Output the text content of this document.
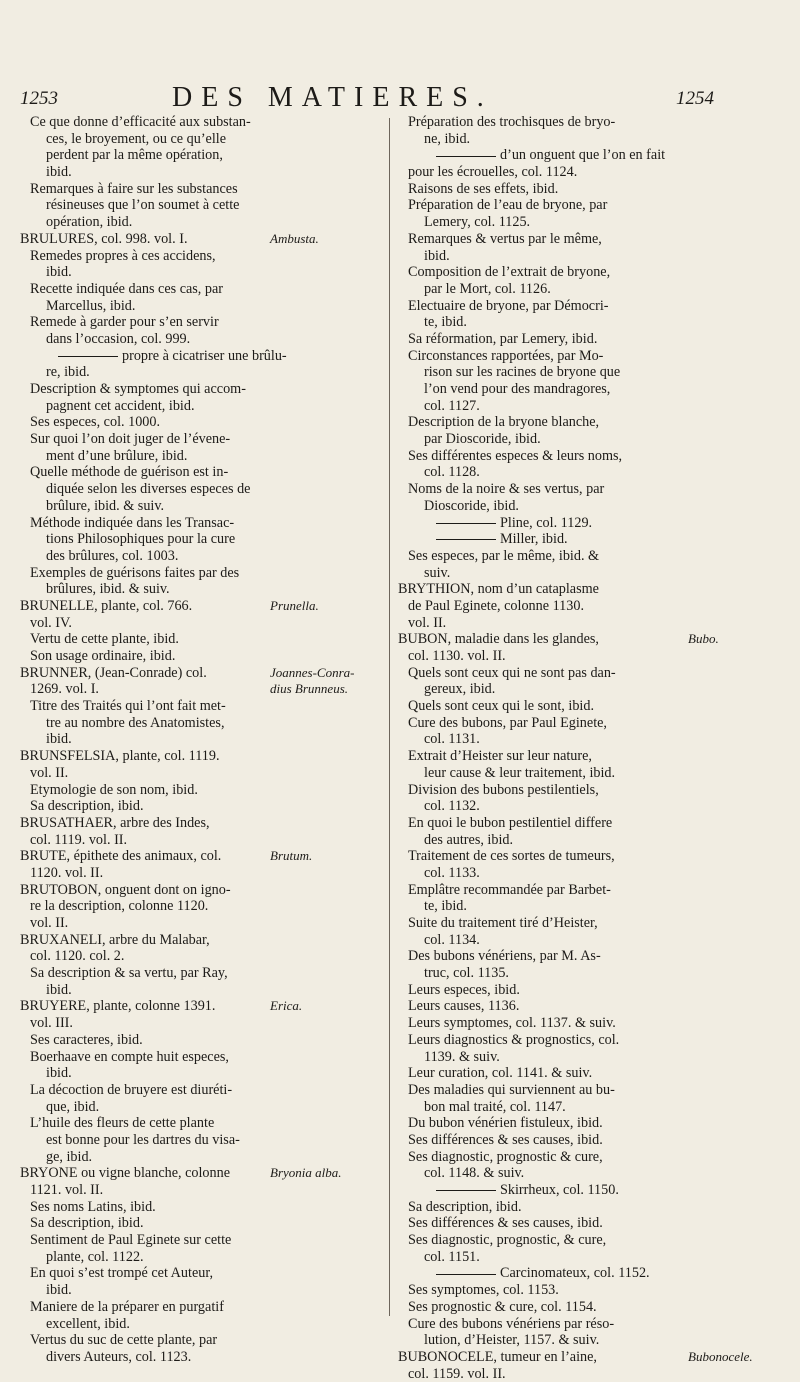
1253	DES MATIERES.	1254
Ce que donne d’efficacité aux substan-
ces, le broyement, ou ce qu’elle
perdent par la même opération,
ibid.
Remarques à faire sur les substances
résineuses que l’on soumet à cette
opération, ibid.
BRULURES, col. 998. vol. I.	Ambusta.
Remedes propres à ces accidens,
ibid.
Recette indiquée dans ces cas, par
Marcellus, ibid.
Remede à garder pour s’en servir
dans l’occasion, col. 999.
propre à cicatriser une brûlu-
re, ibid.
Description & symptomes qui accom-
pagnent cet accident, ibid.
Ses especes, col. 1000.
Sur quoi l’on doit juger de l’évene-
ment d’une brûlure, ibid.
Quelle méthode de guérison est in-
diquée selon les diverses especes de
brûlure, ibid. & suiv.
Méthode indiquée dans les Transac-
tions Philosophiques pour la cure
des brûlures, col. 1003.
Exemples de guérisons faites par des
brûlures, ibid. & suiv.
BRUNELLE, plante, col. 766.	Prunella.
vol. IV.
Vertu de cette plante, ibid.
Son usage ordinaire, ibid.
BRUNNER, (Jean-Conrade) col.	Joannes-Conra-
1269. vol. I.	dius Brunneus.
Titre des Traités qui l’ont fait met-
tre au nombre des Anatomistes,
ibid.
BRUNSFELSIA, plante, col. 1119.
vol. II.
Etymologie de son nom, ibid.
Sa description, ibid.
BRUSATHAER, arbre des Indes,
col. 1119. vol. II.
BRUTE, épithete des animaux, col.	Brutum.
1120. vol. II.
BRUTOBON, onguent dont on igno-
re la description, colonne 1120.
vol. II.
BRUXANELI, arbre du Malabar,
col. 1120. col. 2.
Sa description & sa vertu, par Ray,
ibid.
BRUYERE, plante, colonne 1391.	Erica.
vol. III.
Ses caracteres, ibid.
Boerhaave en compte huit especes,
ibid.
La décoction de bruyere est diuréti-
que, ibid.
L’huile des fleurs de cette plante
est bonne pour les dartres du visa-
ge, ibid.
BRYONE ou vigne blanche, colonne	Bryonia alba.
1121. vol. II.
Ses noms Latins, ibid.
Sa description, ibid.
Sentiment de Paul Eginete sur cette
plante, col. 1122.
En quoi s’est trompé cet Auteur,
ibid.
Maniere de la préparer en purgatif
excellent, ibid.
Vertus du suc de cette plante, par
divers Auteurs, col. 1123.
Préparation des trochisques de bryo-
ne, ibid.
d’un onguent que l’on en fait
pour les écrouelles, col. 1124.
Raisons de ses effets, ibid.
Préparation de l’eau de bryone, par
Lemery, col. 1125.
Remarques & vertus par le même,
ibid.
Composition de l’extrait de bryone,
par le Mort, col. 1126.
Electuaire de bryone, par Démocri-
te, ibid.
Sa réformation, par Lemery, ibid.
Circonstances rapportées, par Mo-
rison sur les racines de bryone que
l’on vend pour des mandragores,
col. 1127.
Description de la bryone blanche,
par Dioscoride, ibid.
Ses différentes especes & leurs noms,
col. 1128.
Noms de la noire & ses vertus, par
Dioscoride, ibid.
Pline, col. 1129.
Miller, ibid.
Ses especes, par le même, ibid. &
suiv.
BRYTHION, nom d’un cataplasme
de Paul Eginete, colonne 1130.
vol. II.
BUBON, maladie dans les glandes,	Bubo.
col. 1130. vol. II.
Quels sont ceux qui ne sont pas dan-
gereux, ibid.
Quels sont ceux qui le sont, ibid.
Cure des bubons, par Paul Eginete,
col. 1131.
Extrait d’Heister sur leur nature,
leur cause & leur traitement, ibid.
Division des bubons pestilentiels,
col. 1132.
En quoi le bubon pestilentiel differe
des autres, ibid.
Traitement de ces sortes de tumeurs,
col. 1133.
Emplâtre recommandée par Barbet-
te, ibid.
Suite du traitement tiré d’Heister,
col. 1134.
Des bubons vénériens, par M. As-
truc, col. 1135.
Leurs especes, ibid.
Leurs causes, 1136.
Leurs symptomes, col. 1137. & suiv.
Leurs diagnostics & prognostics, col.
1139. & suiv.
Leur curation, col. 1141. & suiv.
Des maladies qui surviennent au bu-
bon mal traité, col. 1147.
Du bubon vénérien fistuleux, ibid.
Ses différences & ses causes, ibid.
Ses diagnostic, prognostic & cure,
col. 1148. & suiv.
Skirrheux, col. 1150.
Sa description, ibid.
Ses différences & ses causes, ibid.
Ses diagnostic, prognostic, & cure,
col. 1151.
Carcinomateux, col. 1152.
Ses symptomes, col. 1153.
Ses prognostic & cure, col. 1154.
Cure des bubons vénériens par réso-
lution, d’Heister, 1157. & suiv.
BUBONOCELE, tumeur en l’aine,	Bubonocele.
col. 1159. vol. II.
